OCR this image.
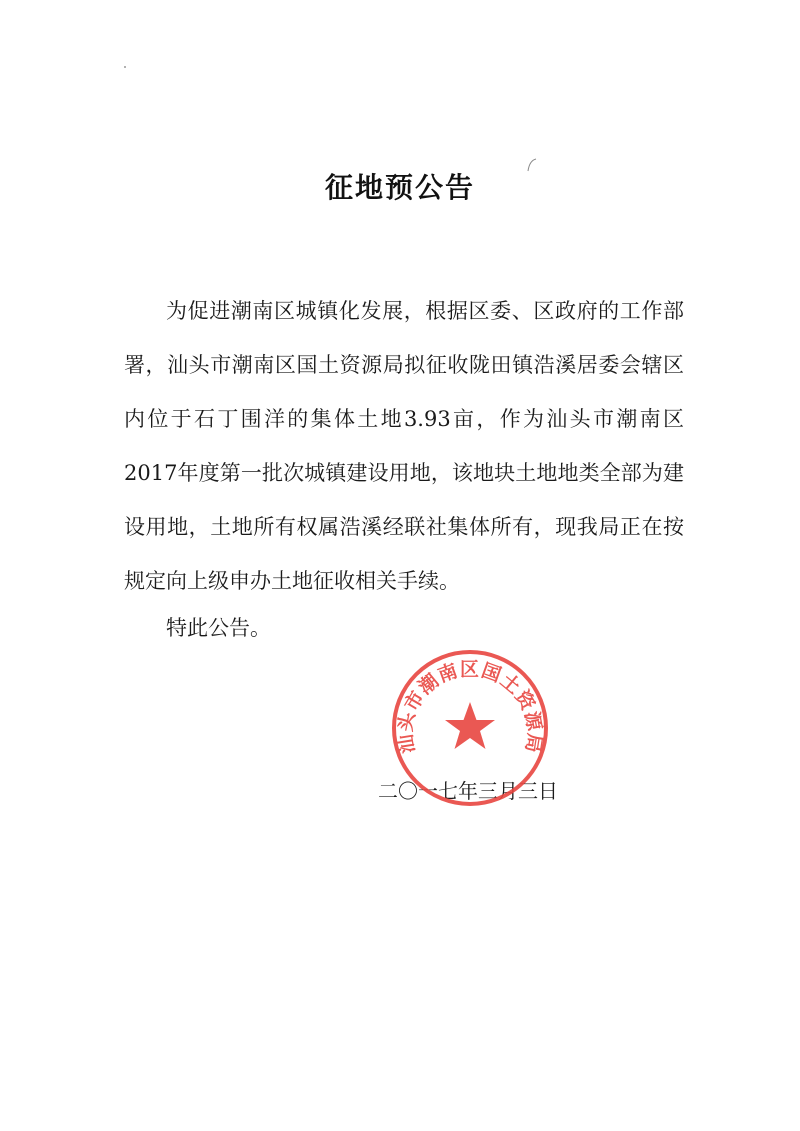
征地预公告

为促进潮南区城镇化发展，根据区委、区政府的工作部署，汕头市潮南区国土资源局拟征收陇田镇浩溪居委会辖区内位于石丁围洋的集体土地3.93亩，作为汕头市潮南区2017年度第一批次城镇建设用地，该地块土地地类全部为建设用地，土地所有权属浩溪经联社集体所有，现我局正在按规定向上级申办土地征收相关手续。

特此公告。
二〇一七年三月三日
汕头市潮南区国土资源局
